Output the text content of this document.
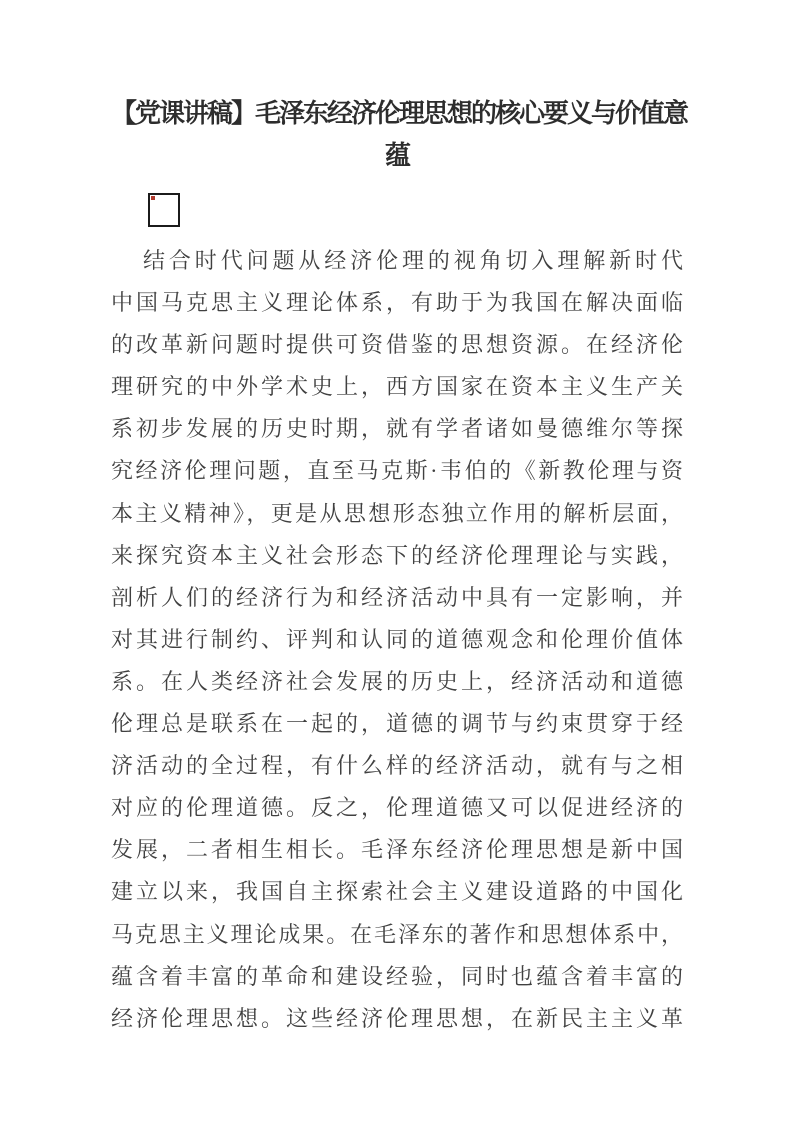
【党课讲稿】毛泽东经济伦理思想的核心要义与价值意
蕴
结合时代问题从经济伦理的视角切入理解新时代
中国马克思主义理论体系，有助于为我国在解决面临
的改革新问题时提供可资借鉴的思想资源。在经济伦
理研究的中外学术史上，西方国家在资本主义生产关
系初步发展的历史时期，就有学者诸如曼德维尔等探
究经济伦理问题，直至马克斯·韦伯的《新教伦理与资
本主义精神》，更是从思想形态独立作用的解析层面，
来探究资本主义社会形态下的经济伦理理论与实践，
剖析人们的经济行为和经济活动中具有一定影响，并
对其进行制约、评判和认同的道德观念和伦理价值体
系。在人类经济社会发展的历史上，经济活动和道德
伦理总是联系在一起的，道德的调节与约束贯穿于经
济活动的全过程，有什么样的经济活动，就有与之相
对应的伦理道德。反之，伦理道德又可以促进经济的
发展，二者相生相长。毛泽东经济伦理思想是新中国
建立以来，我国自主探索社会主义建设道路的中国化
马克思主义理论成果。在毛泽东的著作和思想体系中，
蕴含着丰富的革命和建设经验，同时也蕴含着丰富的
经济伦理思想。这些经济伦理思想，在新民主主义革
